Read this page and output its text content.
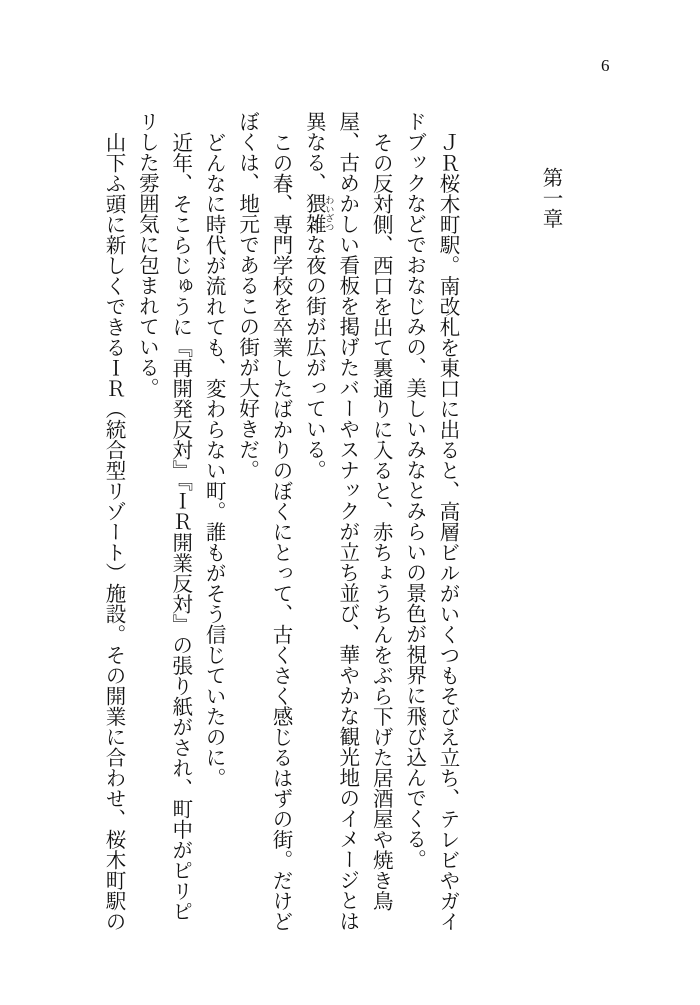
6
第一章

ＪＲ桜木町駅。南改札を東口に出ると、高層ビルがいくつもそびえ立ち、テレビやガイドブックなどでおなじみの、美しいみなとみらいの景色が視界に飛び込んでくる。

その反対側、西口を出て裏通りに入ると、赤ちょうちんをぶら下げた居酒屋や焼き鳥屋、古めかしい看板を掲げたバーやスナックが立ち並び、華やかな観光地のイメージとは異なる、猥雑 わいざつな夜の街が広がっている。

この春、専門学校を卒業したばかりのぼくにとって、古くさく感じるはずの街。だけどぼくは、地元であるこの街が大好きだ。

どんなに時代が流れても、変わらない町。誰もがそう信じていたのに。

近年、そこらじゅうに『再開発反対』『ＩＲ開業反対』の張り紙がされ、町中がピリピリした雰囲気に包まれている。

山下ふ頭に新しくできるＩＲ（統合型リゾート）施設。その開業に合わせ、桜木町駅の
